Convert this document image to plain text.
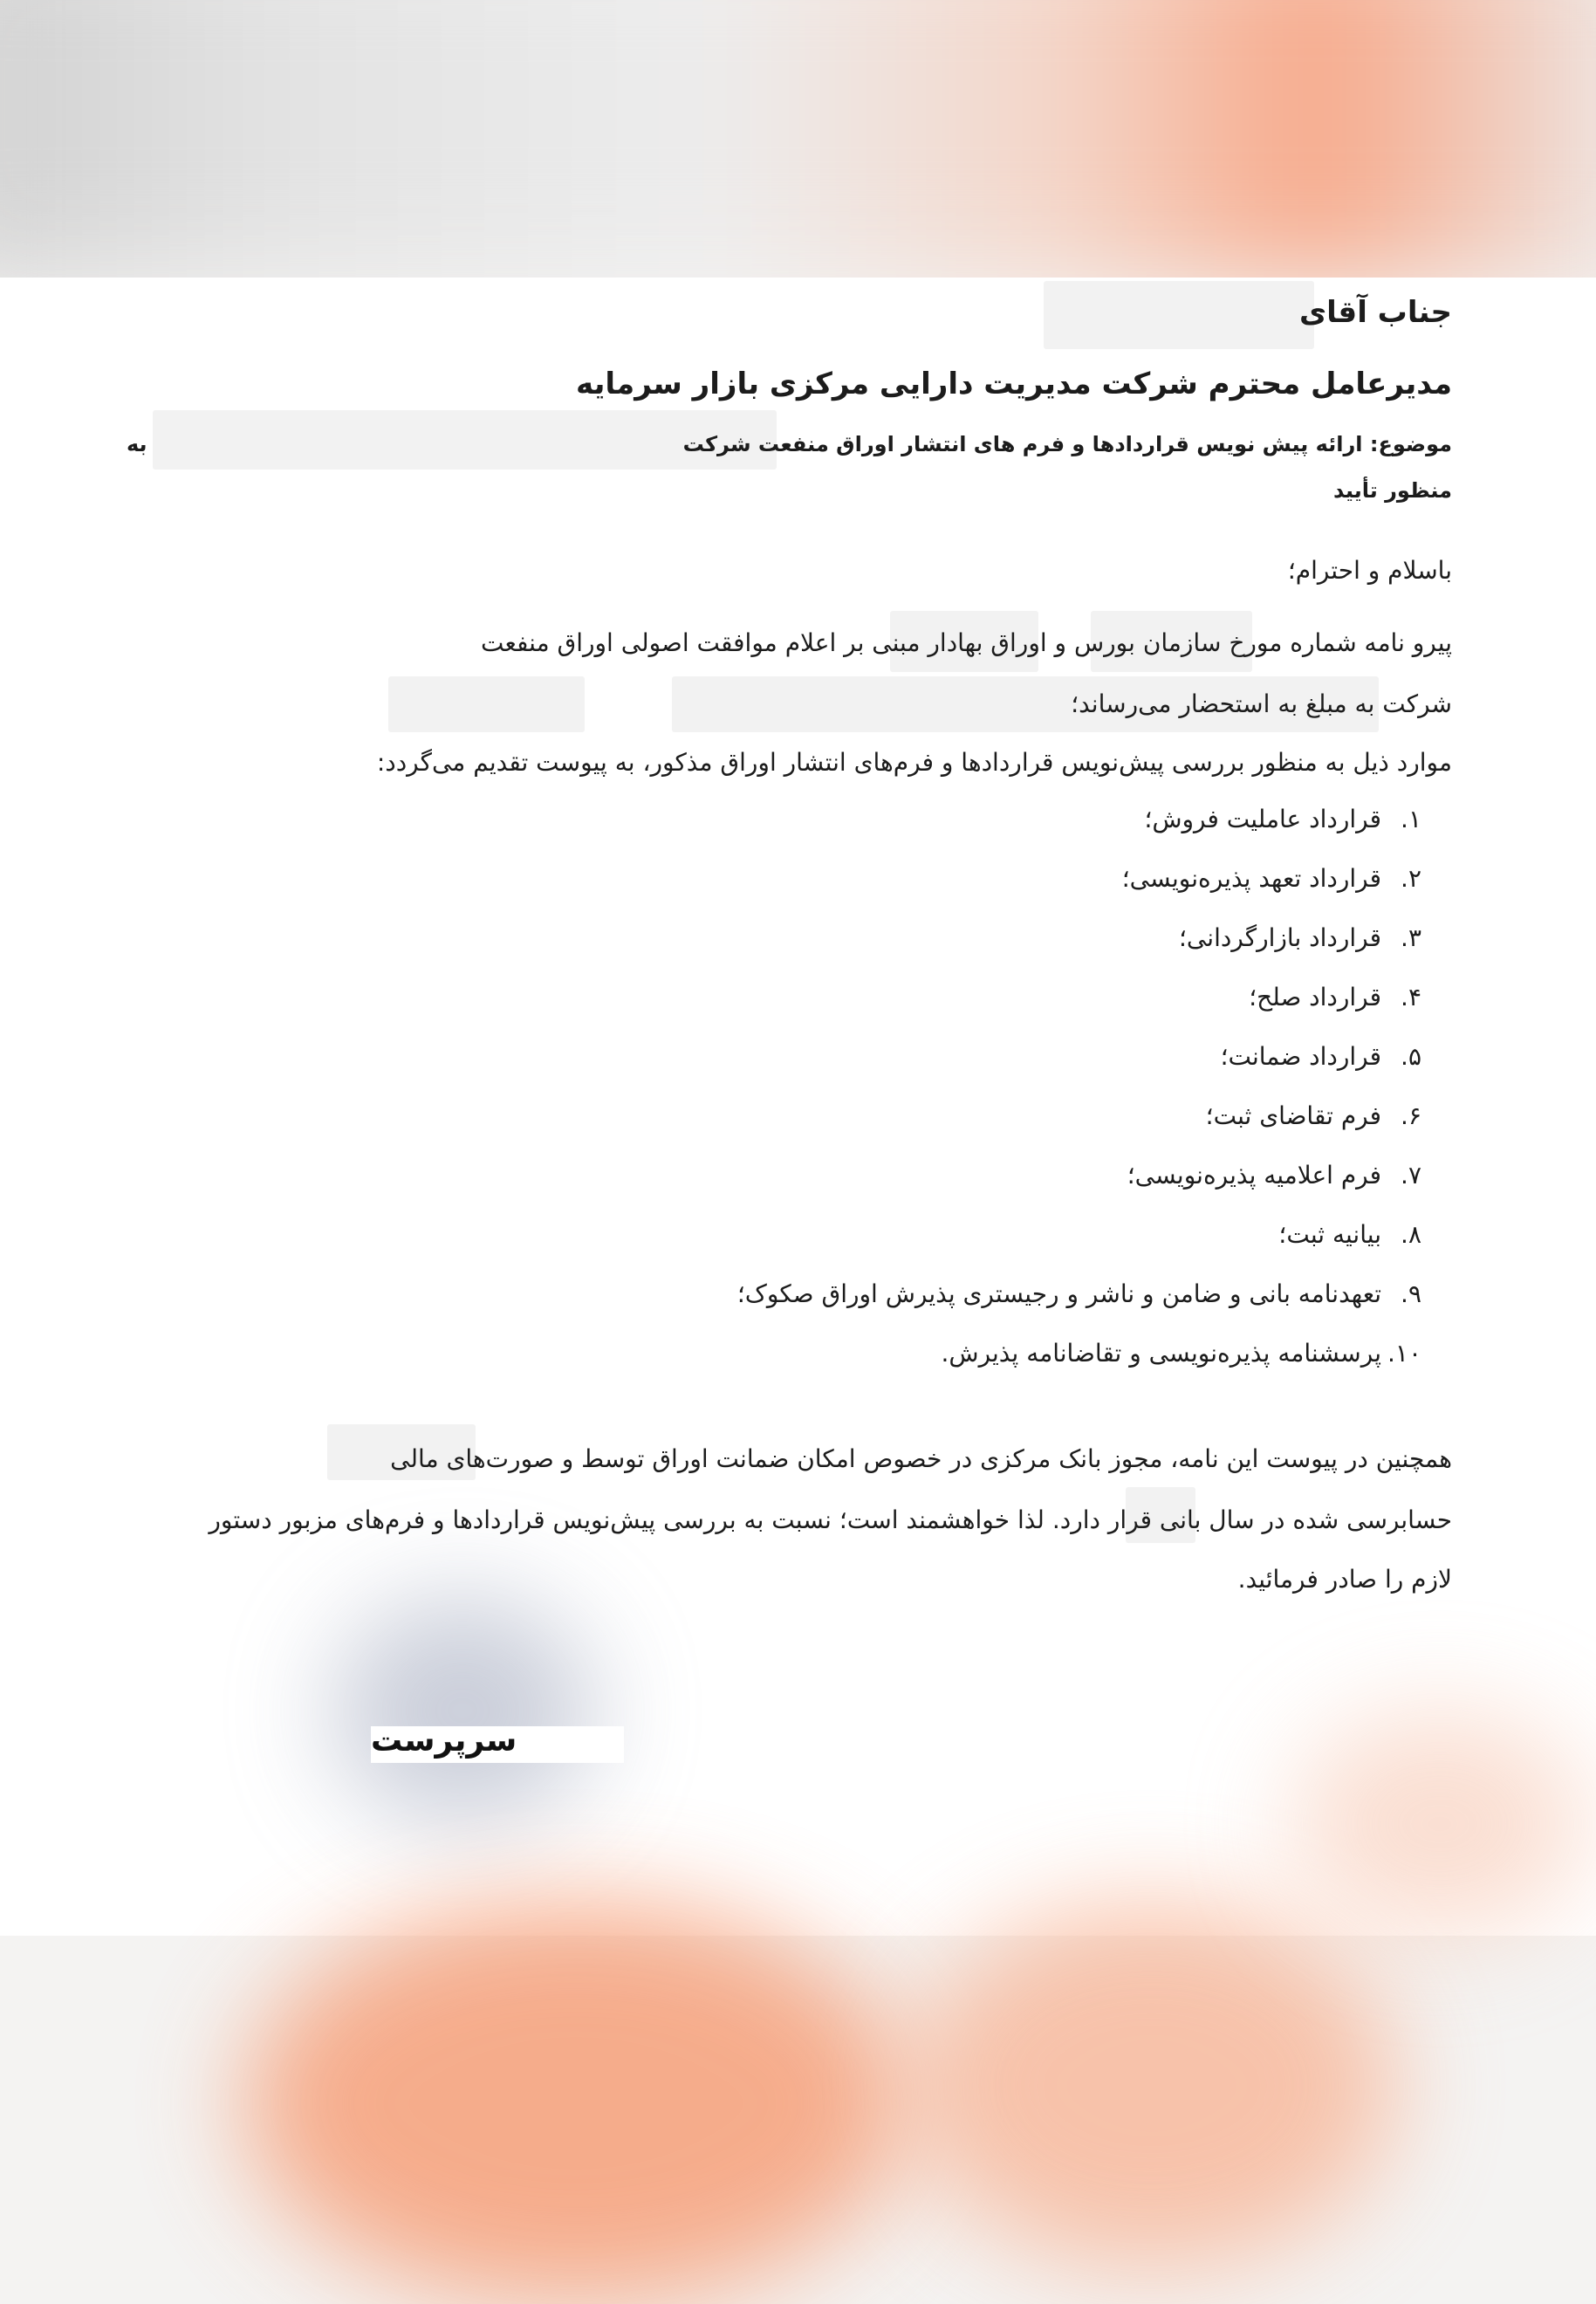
جناب آقای
مدیرعامل محترم شرکت مدیریت دارایی مرکزی بازار سرمایه
موضوع: ارائه پیش نویس قراردادها و فرم های انتشار اوراق منفعت شرکت
به
منظور تأیید
باسلام و احترام؛
پیرو نامه شماره مورخ سازمان بورس و اوراق بهادار مبنی بر اعلام موافقت اصولی اوراق منفعت
شرکت به مبلغ به استحضار می‌رساند؛
موارد ذیل به منظور بررسی پیش‌نویس قراردادها و فرم‌های انتشار اوراق مذکور، به پیوست تقدیم می‌گردد:
۱.
قرارداد عاملیت فروش؛
۲.
قرارداد تعهد پذیره‌نویسی؛
۳.
قرارداد بازارگردانی؛
۴.
قرارداد صلح؛
۵.
قرارداد ضمانت؛
۶.
فرم تقاضای ثبت؛
۷.
فرم اعلامیه پذیره‌نویسی؛
۸.
بیانیه ثبت؛
۹.
تعهدنامه بانی و ضامن و ناشر و رجیستری پذیرش اوراق صکوک؛
۱۰.
پرسشنامه پذیره‌نویسی و تقاضانامه پذیرش.
همچنین در پیوست این نامه، مجوز بانک مرکزی در خصوص امکان ضمانت اوراق توسط و صورت‌های مالی
حسابرسی شده در سال بانی قرار دارد. لذا خواهشمند است؛ نسبت به بررسی پیش‌نویس قراردادها و فرم‌های مزبور دستور
لازم را صادر فرمائید.
سرپرست
